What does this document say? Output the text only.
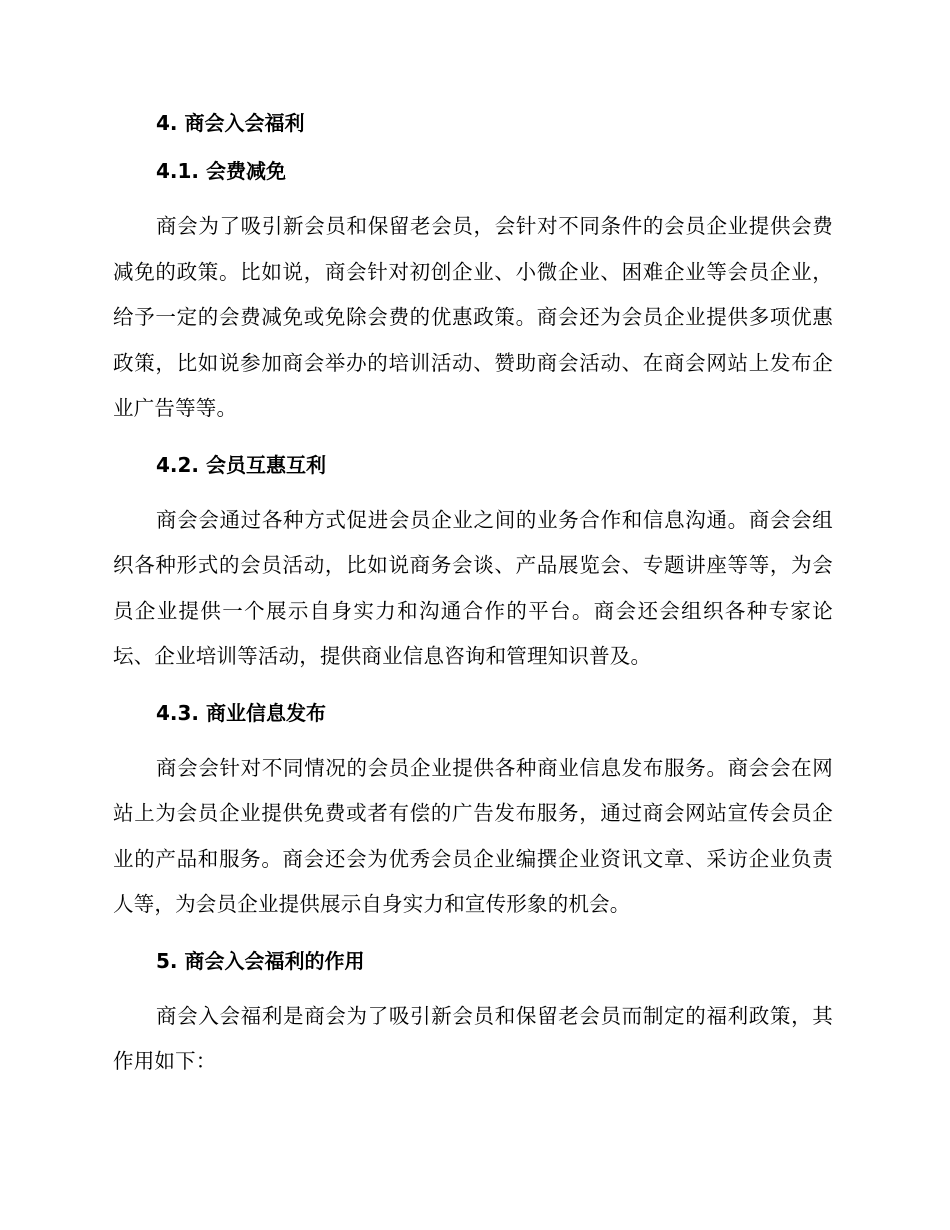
4. 商会入会福利
4.1. 会费减免

商会为了吸引新会员和保留老会员，会针对不同条件的会员企业提供会费减免的政策。比如说，商会针对初创企业、小微企业、困难企业等会员企业，给予一定的会费减免或免除会费的优惠政策。商会还为会员企业提供多项优惠政策，比如说参加商会举办的培训活动、赞助商会活动、在商会网站上发布企业广告等等。

4.2. 会员互惠互利

商会会通过各种方式促进会员企业之间的业务合作和信息沟通。商会会组织各种形式的会员活动，比如说商务会谈、产品展览会、专题讲座等等，为会员企业提供一个展示自身实力和沟通合作的平台。商会还会组织各种专家论坛、企业培训等活动，提供商业信息咨询和管理知识普及。

4.3. 商业信息发布

商会会针对不同情况的会员企业提供各种商业信息发布服务。商会会在网站上为会员企业提供免费或者有偿的广告发布服务，通过商会网站宣传会员企业的产品和服务。商会还会为优秀会员企业编撰企业资讯文章、采访企业负责人等，为会员企业提供展示自身实力和宣传形象的机会。

5. 商会入会福利的作用

商会入会福利是商会为了吸引新会员和保留老会员而制定的福利政策，其作用如下：
